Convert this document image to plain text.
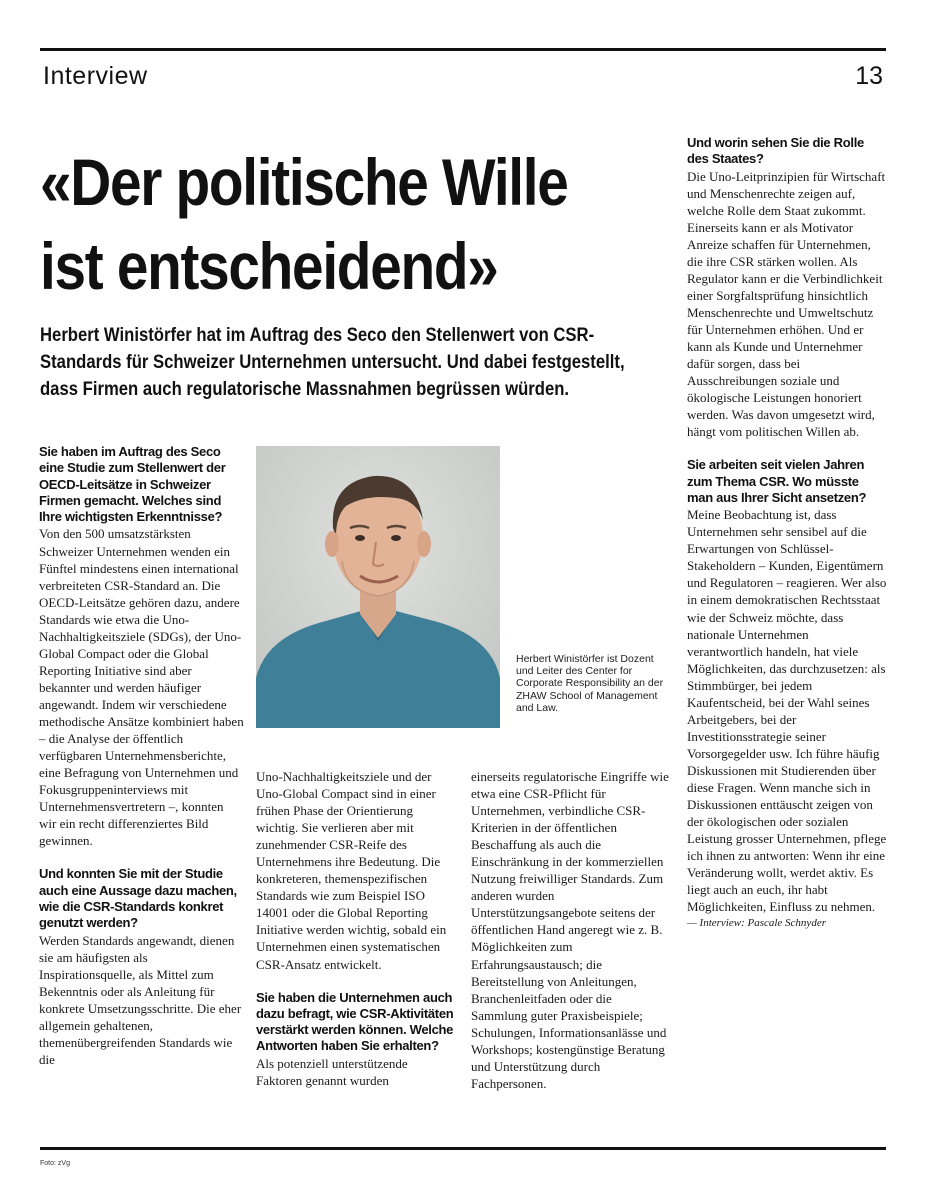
Interview	13
«Der politische Wille ist entscheidend»

Herbert Winistörfer hat im Auftrag des Seco den Stellenwert von CSR-Standards für Schweizer Unternehmen untersucht. Und dabei festgestellt, dass Firmen auch regulatorische Massnahmen begrüssen würden.

Sie haben im Auftrag des Seco eine Studie zum Stellenwert der OECD-Leitsätze in Schweizer Firmen gemacht. Welches sind Ihre wichtigsten Erkenntnisse?

Von den 500 umsatzstärksten Schweizer Unternehmen wenden ein Fünftel mindestens einen international verbreiteten CSR-Standard an. Die OECD-Leitsätze gehören dazu, andere Standards wie etwa die Uno-Nachhaltigkeitsziele (SDGs), der Uno-Global Compact oder die Global Reporting Initiative sind aber bekannter und werden häufiger angewandt. Indem wir verschiedene methodische Ansätze kombiniert haben – die Analyse der öffentlich verfügbaren Unternehmensberichte, eine Befragung von Unternehmen und Fokusgruppeninterviews mit Unternehmensvertretern –, konnten wir ein recht differenziertes Bild gewinnen.

Und konnten Sie mit der Studie auch eine Aussage dazu machen, wie die CSR-Standards konkret genutzt werden?

Werden Standards angewandt, dienen sie am häufigsten als Inspirationsquelle, als Mittel zum Bekenntnis oder als Anleitung für konkrete Umsetzungsschritte. Die eher allgemein gehaltenen, themenübergreifenden Standards wie die

Herbert Winistörfer ist Dozent und Leiter des Center for Corporate Responsibility an der ZHAW School of Management and Law.

Uno-Nachhaltigkeitsziele und der Uno-Global Compact sind in einer frühen Phase der Orientierung wichtig. Sie verlieren aber mit zunehmender CSR-Reife des Unternehmens ihre Bedeutung. Die konkreteren, themenspezifischen Standards wie zum Beispiel ISO 14001 oder die Global Reporting Initiative werden wichtig, sobald ein Unternehmen einen systematischen CSR-Ansatz entwickelt.

Sie haben die Unternehmen auch dazu befragt, wie CSR-Aktivitäten verstärkt werden können. Welche Antworten haben Sie erhalten?

Als potenziell unterstützende Faktoren genannt wurden

einerseits regulatorische Eingriffe wie etwa eine CSR-Pflicht für Unternehmen, verbindliche CSR-Kriterien in der öffentlichen Beschaffung als auch die Einschränkung in der kommerziellen Nutzung freiwilliger Standards. Zum anderen wurden Unterstützungsangebote seitens der öffentlichen Hand angeregt wie z. B. Möglichkeiten zum Erfahrungsaustausch; die Bereitstellung von Anleitungen, Branchenleitfaden oder die Sammlung guter Praxisbeispiele; Schulungen, Informationsanlässe und Workshops; kostengünstige Beratung und Unterstützung durch Fachpersonen.

Und worin sehen Sie die Rolle des Staates?

Die Uno-Leitprinzipien für Wirtschaft und Menschenrechte zeigen auf, welche Rolle dem Staat zukommt. Einerseits kann er als Motivator Anreize schaffen für Unternehmen, die ihre CSR stärken wollen. Als Regulator kann er die Verbindlichkeit einer Sorgfaltsprüfung hinsichtlich Menschenrechte und Umweltschutz für Unternehmen erhöhen. Und er kann als Kunde und Unternehmer dafür sorgen, dass bei Ausschreibungen soziale und ökologische Leistungen honoriert werden. Was davon umgesetzt wird, hängt vom politischen Willen ab.

Sie arbeiten seit vielen Jahren zum Thema CSR. Wo müsste man aus Ihrer Sicht ansetzen?

Meine Beobachtung ist, dass Unternehmen sehr sensibel auf die Erwartungen von Schlüssel-Stakeholdern – Kunden, Eigentümern und Regulatoren – reagieren. Wer also in einem demokratischen Rechtsstaat wie der Schweiz möchte, dass nationale Unternehmen verantwortlich handeln, hat viele Möglichkeiten, das durchzusetzen: als Stimmbürger, bei jedem Kaufentscheid, bei der Wahl seines Arbeitgebers, bei der Investitionsstrategie seiner Vorsorgegelder usw. Ich führe häufig Diskussionen mit Studierenden über diese Fragen. Wenn manche sich in Diskussionen enttäuscht zeigen von der ökologischen oder sozialen Leistung grosser Unternehmen, pflege ich ihnen zu antworten: Wenn ihr eine Veränderung wollt, werdet aktiv. Es liegt auch an euch, ihr habt Möglichkeiten, Einfluss zu nehmen.

— Interview: Pascale Schnyder

Foto: zVg
